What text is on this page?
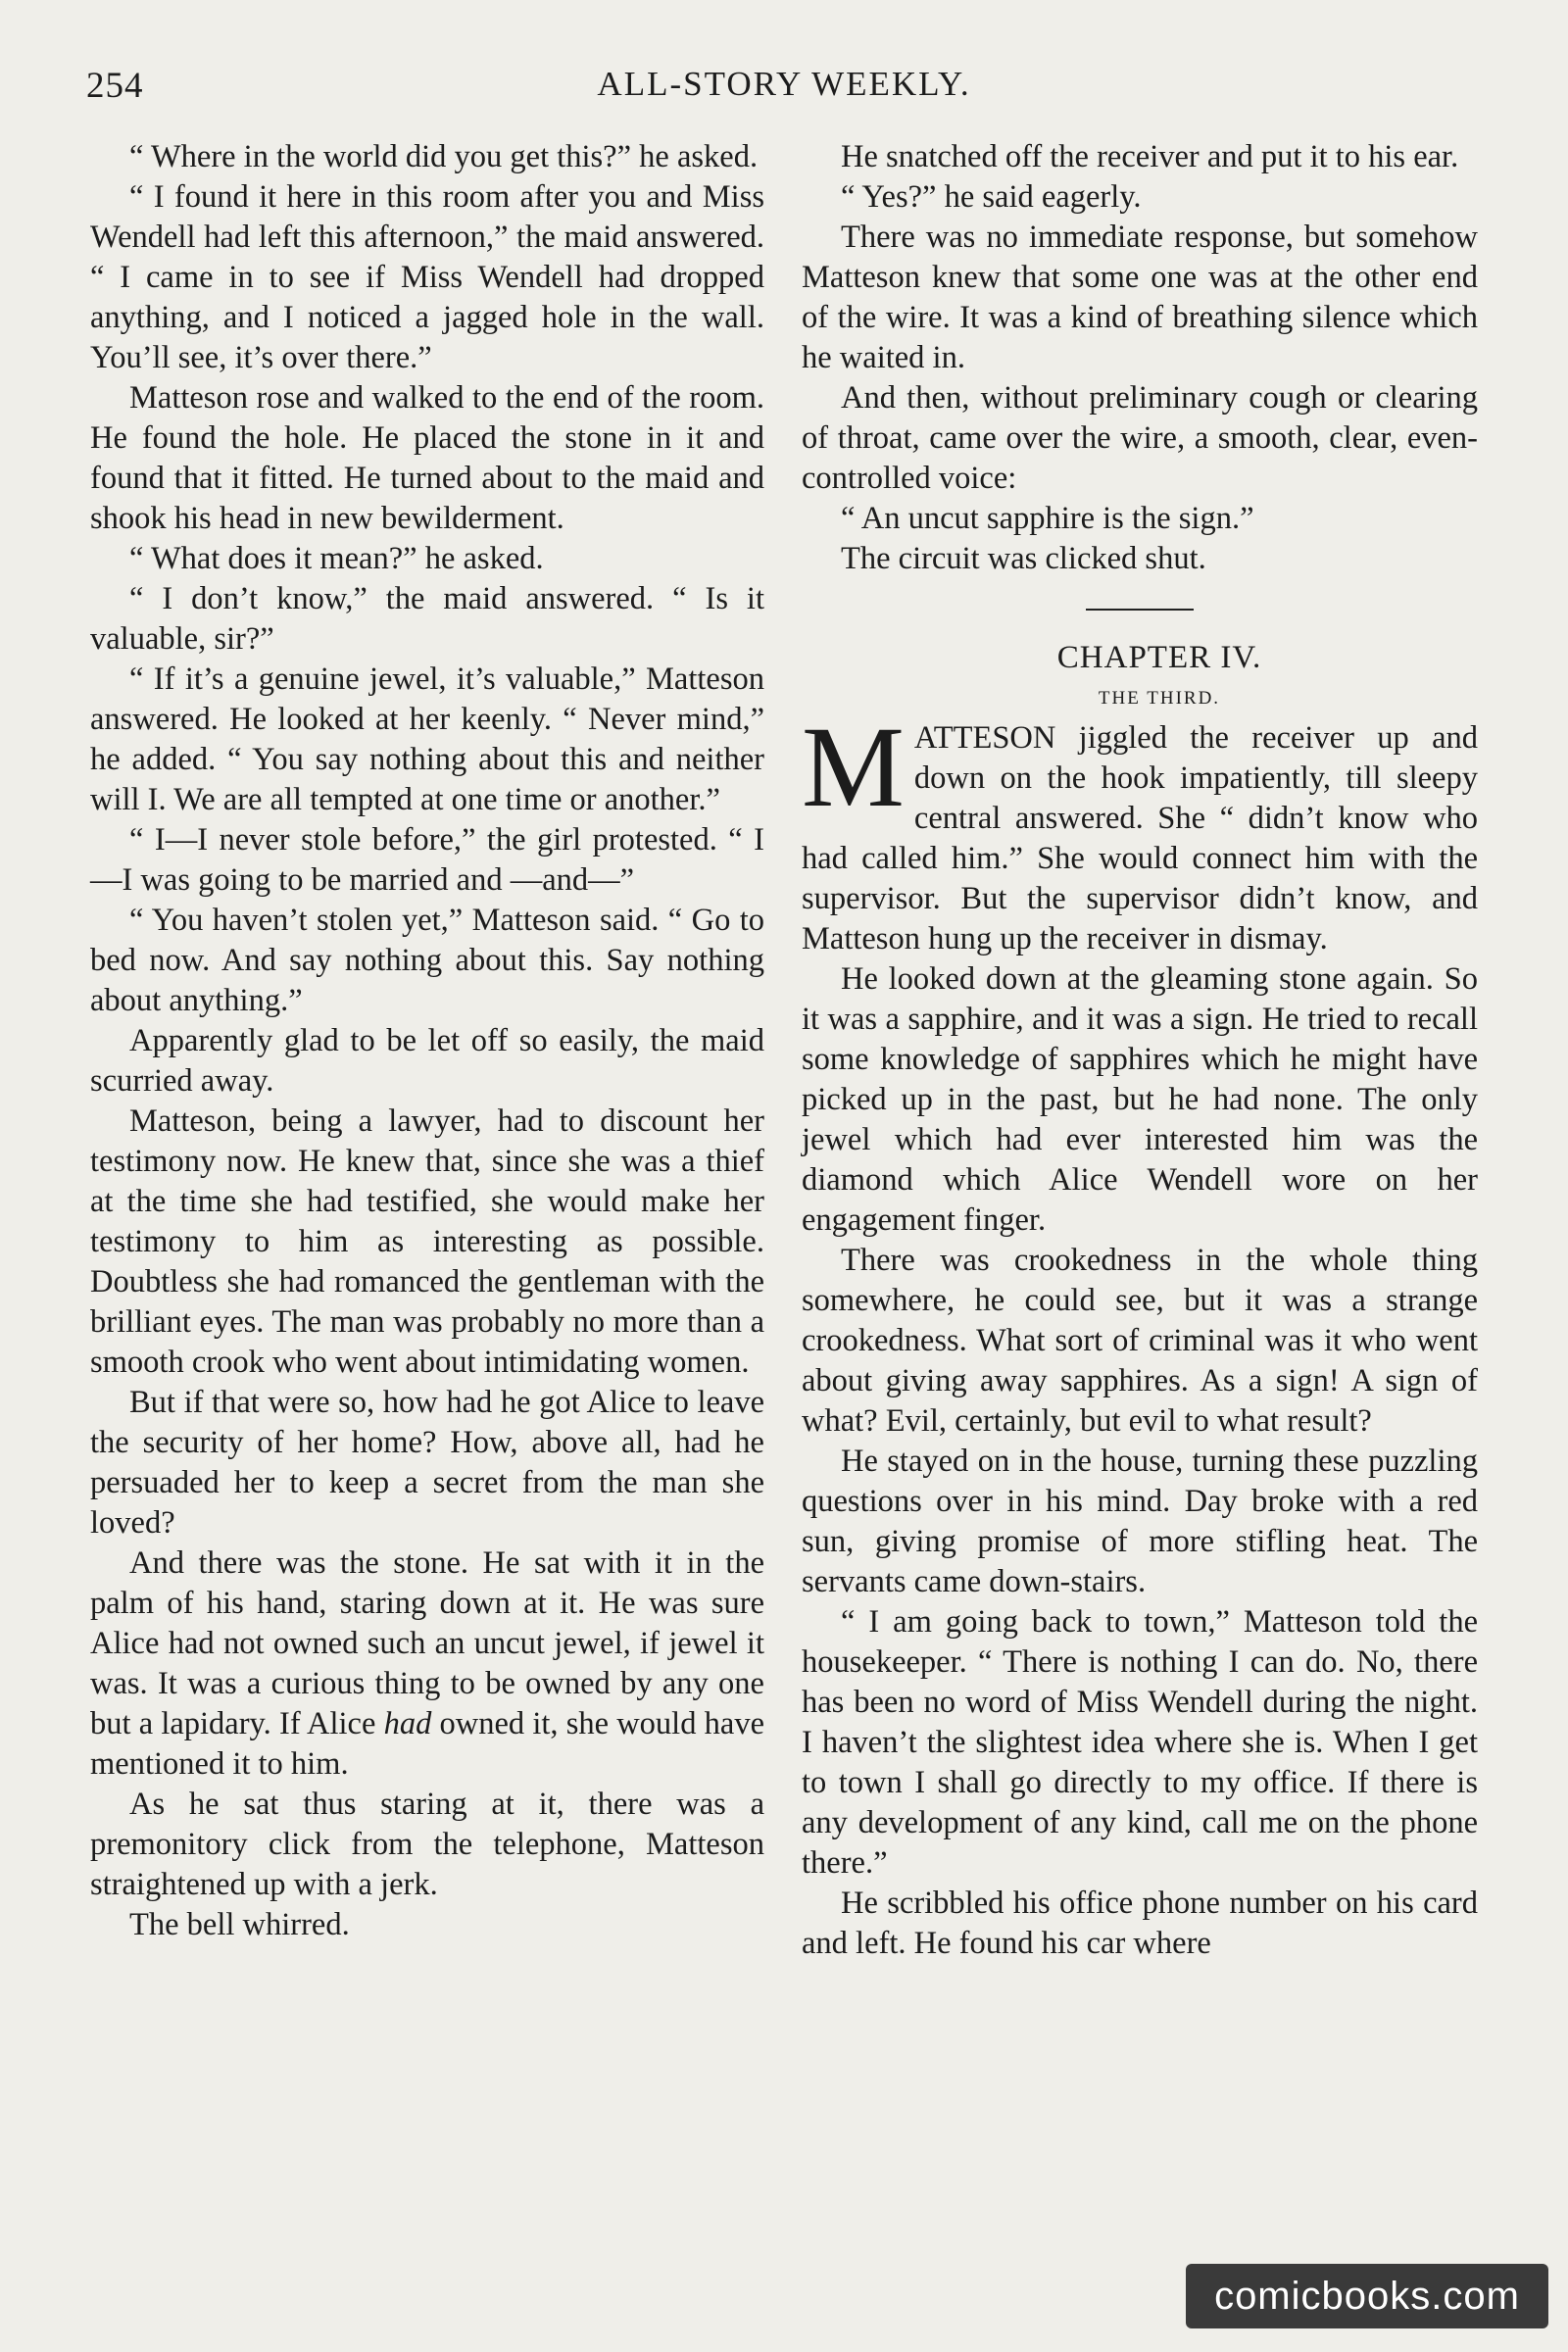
254	ALL-STORY WEEKLY.

“ Where in the world did you get this?” he asked.

“ I found it here in this room after you and Miss Wendell had left this afternoon,” the maid answered. “ I came in to see if Miss Wendell had dropped anything, and I noticed a jagged hole in the wall. You’ll see, it’s over there.”

Matteson rose and walked to the end of the room. He found the hole. He placed the stone in it and found that it fitted. He turned about to the maid and shook his head in new bewilderment.

“ What does it mean?” he asked.

“ I don’t know,” the maid answered. “ Is it valuable, sir?”

“ If it’s a genuine jewel, it’s valuable,” Matteson answered. He looked at her keenly. “ Never mind,” he added. “ You say nothing about this and neither will I. We are all tempted at one time or another.”

“ I—I never stole before,” the girl protested. “ I—I was going to be married and —and—”

“ You haven’t stolen yet,” Matteson said. “ Go to bed now. And say nothing about this. Say nothing about anything.”

Apparently glad to be let off so easily, the maid scurried away.

Matteson, being a lawyer, had to discount her testimony now. He knew that, since she was a thief at the time she had testified, she would make her testimony to him as interesting as possible. Doubtless she had romanced the gentleman with the brilliant eyes. The man was probably no more than a smooth crook who went about intimidating women.

But if that were so, how had he got Alice to leave the security of her home? How, above all, had he persuaded her to keep a secret from the man she loved?

And there was the stone. He sat with it in the palm of his hand, staring down at it. He was sure Alice had not owned such an uncut jewel, if jewel it was. It was a curious thing to be owned by any one but a lapidary. If Alice had owned it, she would have mentioned it to him.

As he sat thus staring at it, there was a premonitory click from the telephone, Matteson straightened up with a jerk.

The bell whirred.

He snatched off the receiver and put it to his ear.

“ Yes?” he said eagerly.

There was no immediate response, but somehow Matteson knew that some one was at the other end of the wire. It was a kind of breathing silence which he waited in.

And then, without preliminary cough or clearing of throat, came over the wire, a smooth, clear, even-controlled voice:

“ An uncut sapphire is the sign.”

The circuit was clicked shut.

CHAPTER IV.

THE THIRD.

MATTESON jiggled the receiver up and down on the hook impatiently, till sleepy central answered. She “ didn’t know who had called him.” She would connect him with the supervisor. But the supervisor didn’t know, and Matteson hung up the receiver in dismay.

He looked down at the gleaming stone again. So it was a sapphire, and it was a sign. He tried to recall some knowledge of sapphires which he might have picked up in the past, but he had none. The only jewel which had ever interested him was the diamond which Alice Wendell wore on her engagement finger.

There was crookedness in the whole thing somewhere, he could see, but it was a strange crookedness. What sort of criminal was it who went about giving away sapphires. As a sign! A sign of what? Evil, certainly, but evil to what result?

He stayed on in the house, turning these puzzling questions over in his mind. Day broke with a red sun, giving promise of more stifling heat. The servants came down-stairs.

“ I am going back to town,” Matteson told the housekeeper. “ There is nothing I can do. No, there has been no word of Miss Wendell during the night. I haven’t the slightest idea where she is. When I get to town I shall go directly to my office. If there is any development of any kind, call me on the phone there.”

He scribbled his office phone number on his card and left. He found his car where

comicbooks.com
